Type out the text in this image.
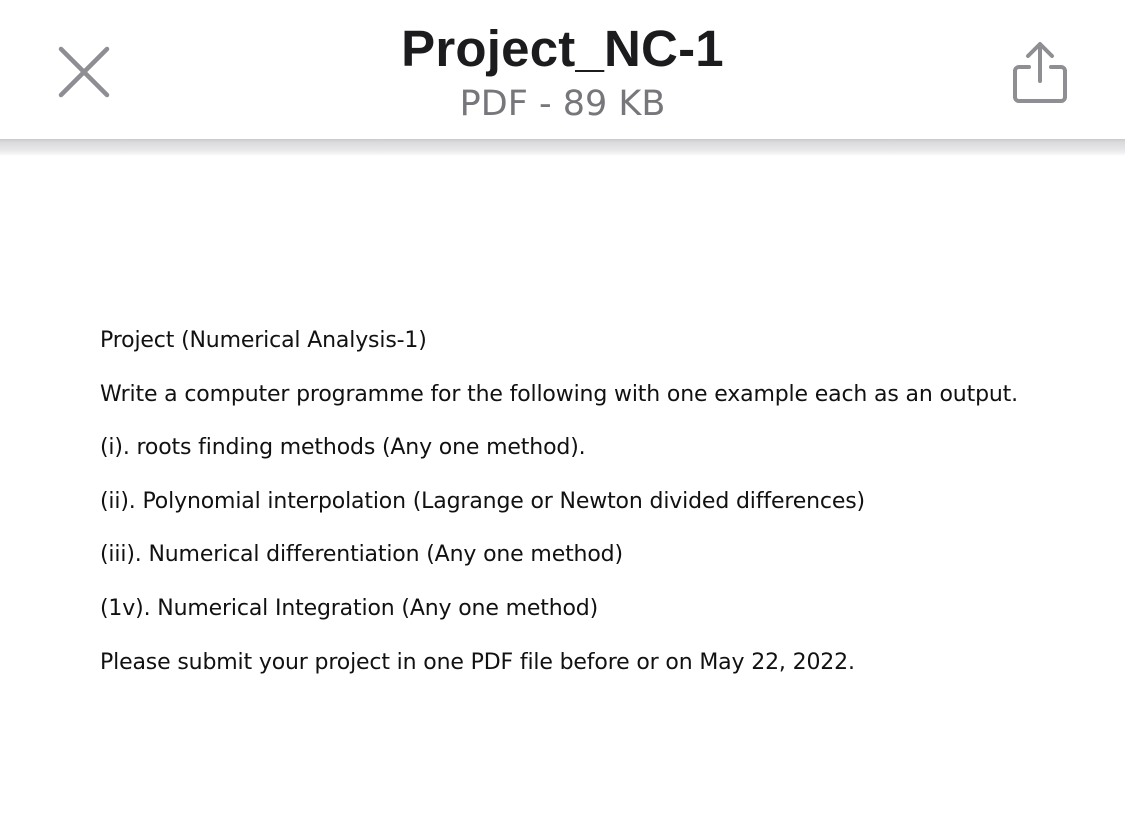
Project_NC-1
PDF - 89 KB
Project (Numerical Analysis-1)
Write a computer programme for the following with one example each as an output.
(i). roots finding methods (Any one method).
(ii). Polynomial interpolation (Lagrange or Newton divided differences)
(iii). Numerical differentiation (Any one method)
(1v). Numerical Integration (Any one method)
Please submit your project in one PDF file before or on May 22, 2022.
